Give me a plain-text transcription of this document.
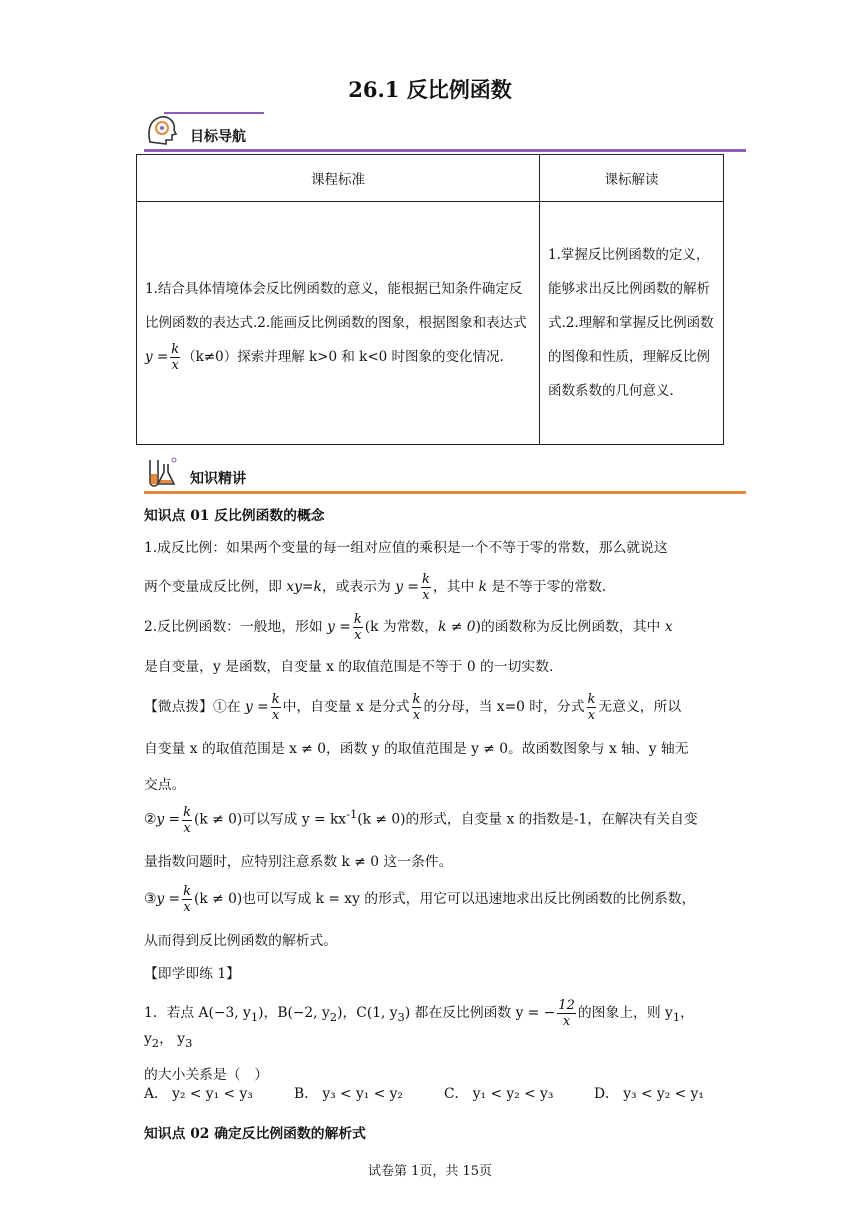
26.1 反比例函数
目标导航
课程标准	课标解读
1.结合具体情境体会反比例函数的意义，能根据已知条件确定反比例函数的表达式.2.能画反比例函数的图象，根据图象和表达式 $y = \frac{k}{x} (k\ne 0)$探索并理解 k>0 和 k<0 时图象的变化情况.	1.掌握反比例函数的定义，能够求出反比例函数的解析式.2.理解和掌握反比例函数的图像和性质，理解反比例函数系数的几何意义.
知识精讲
知识点 01 反比例函数的概念
1.成反比例：如果两个变量的每一组对应值的乘积是一个不等于零的常数，那么就说这
两个变量成反比例，即 xy=k，或表示为 $y = \frac{k}{x}$ ，其中 k 是不等于零的常数.
2.反比例函数：一般地，形如 $y = \frac{k}{x} (k$ 为常数，k ≠ 0)的函数称为反比例函数，其中 x
是自变量，y 是函数，自变量 x 的取值范围是不等于 0 的一切实数.
【微点拨】①在 $y = \frac{k}{x}$ 中，自变量 x 是分式 $\frac{k}{x}$ 的分母，当 x=0 时，分式 $\frac{k}{x}$ 无意义，所以
自变量 x 的取值范围是 x ≠ 0，函数 y 的取值范围是 y ≠ 0。故函数图象与 x 轴、y 轴无
交点。
②y = $\frac{k}{x} (k \ne 0)$可以写成 $y = kx^{-1}(k \ne 0)$的形式，自变量 x 的指数是-1，在解决有关自变
量指数问题时，应特别注意系数 k ≠ 0 这一条件。
③y = $\frac{k}{x} (k \ne 0)$也可以写成 k = xy 的形式，用它可以迅速地求出反比例函数的比例系数，
从而得到反比例函数的解析式。
【即学即练 1】
1．若点 A(−3, $y_1$)，B(−2, $y_2$)，C(1, $y_3$) 都在反比例函数 y = − $\frac{12}{x}$ 的图象上，则 $y_1$， $y_2$， $y_3$
的大小关系是（　）
A． y₂ < y₁ < y₃	B． y₃ < y₁ < y₂	C． y₁ < y₂ < y₃	D． y₃ < y₂ < y₁
知识点 02 确定反比例函数的解析式
试卷第 1页，共 15页
